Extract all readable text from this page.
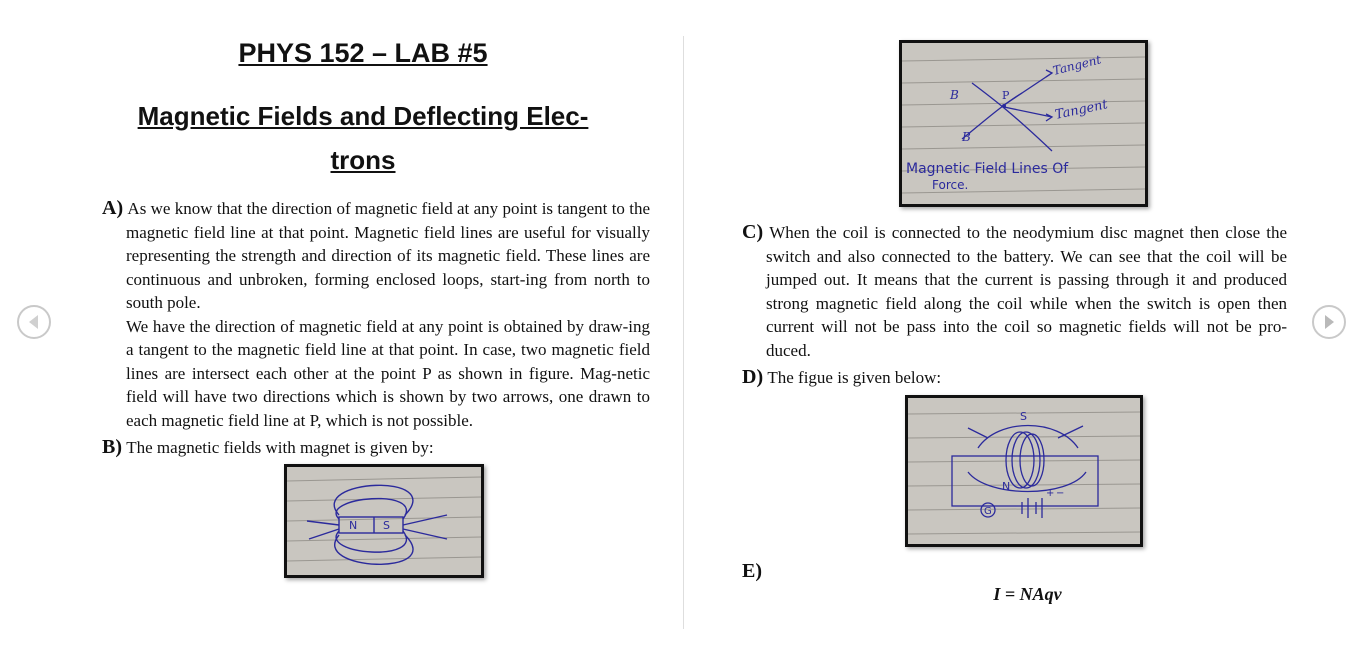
PHYS 152 – LAB #5
Magnetic Fields and Deflecting Elec-
trons

A) As we know that the direction of magnetic field at any point is tangent to the magnetic field line at that point. Magnetic field lines are useful for visually representing the strength and direction of its magnetic field. These lines are continuous and unbroken, forming enclosed loops, start-ing from north to south pole.

We have the direction of magnetic field at any point is obtained by draw-ing a tangent to the magnetic field line at that point. In case, two magnetic field lines are intersect each other at the point P as shown in figure. Mag-netic field will have two directions which is shown by two arrows, one drawn to each magnetic field line at P, which is not possible.

B) The magnetic fields with magnet is given by:

N S
B
B
P
Tangent
Tangent
Magnetic Field Lines Of
Force.

C) When the coil is connected to the neodymium disc magnet then close the switch and also connected to the battery. We can see that the coil will be jumped out. It means that the current is passing through it and produced strong magnetic field along the coil while when the switch is open then current will not be pass into the coil so magnetic fields will not be pro-duced.

D) The figue is given below:

S
N
G
+ −
E)
I = NAqv
